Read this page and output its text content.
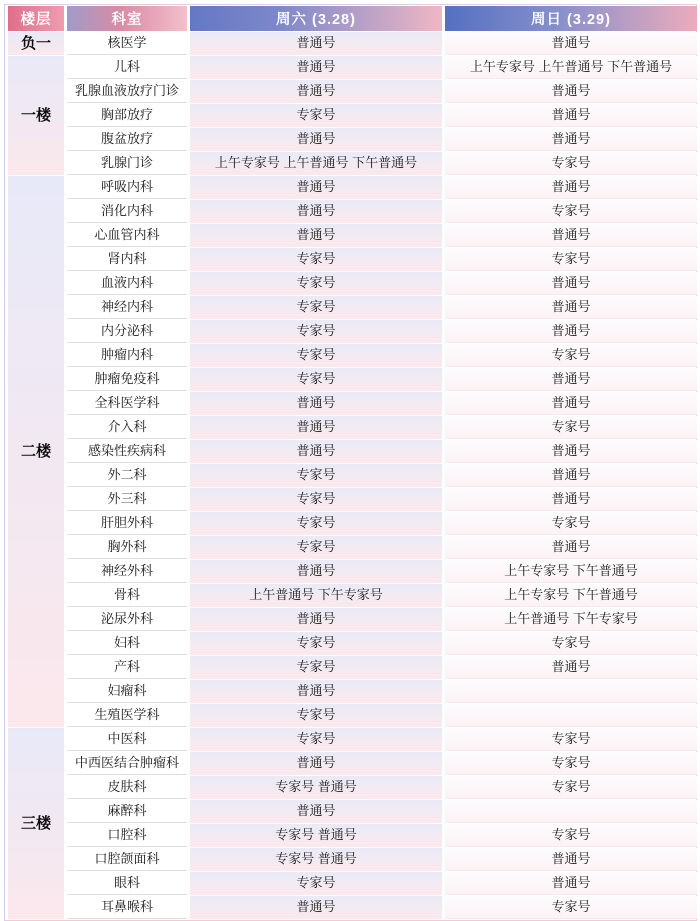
楼层	科室	周六 (3.28)	周日 (3.29)
负一	核医学	普通号	普通号
一楼	儿科	普通号	上午专家号 上午普通号 下午普通号
	乳腺血液放疗门诊	普通号	普通号
	胸部放疗	专家号	普通号
	腹盆放疗	普通号	普通号
	乳腺门诊	上午专家号 上午普通号 下午普通号	专家号
二楼	呼吸内科	普通号	普通号
	消化内科	普通号	专家号
	心血管内科	普通号	普通号
	肾内科	专家号	专家号
	血液内科	专家号	普通号
	神经内科	专家号	普通号
	内分泌科	专家号	普通号
	肿瘤内科	专家号	专家号
	肿瘤免疫科	专家号	普通号
	全科医学科	普通号	普通号
	介入科	普通号	专家号
	感染性疾病科	普通号	普通号
	外二科	专家号	普通号
	外三科	专家号	普通号
	肝胆外科	专家号	专家号
	胸外科	专家号	普通号
	神经外科	普通号	上午专家号 下午普通号
	骨科	上午普通号 下午专家号	上午专家号 下午普通号
	泌尿外科	普通号	上午普通号 下午专家号
	妇科	专家号	专家号
	产科	专家号	普通号
	妇瘤科	普通号	
	生殖医学科	专家号	
三楼	中医科	专家号	专家号
	中西医结合肿瘤科	普通号	专家号
	皮肤科	专家号 普通号	专家号
	麻醉科	普通号	
	口腔科	专家号 普通号	专家号
	口腔颌面科	专家号 普通号	普通号
	眼科	专家号	普通号
	耳鼻喉科	普通号	专家号
